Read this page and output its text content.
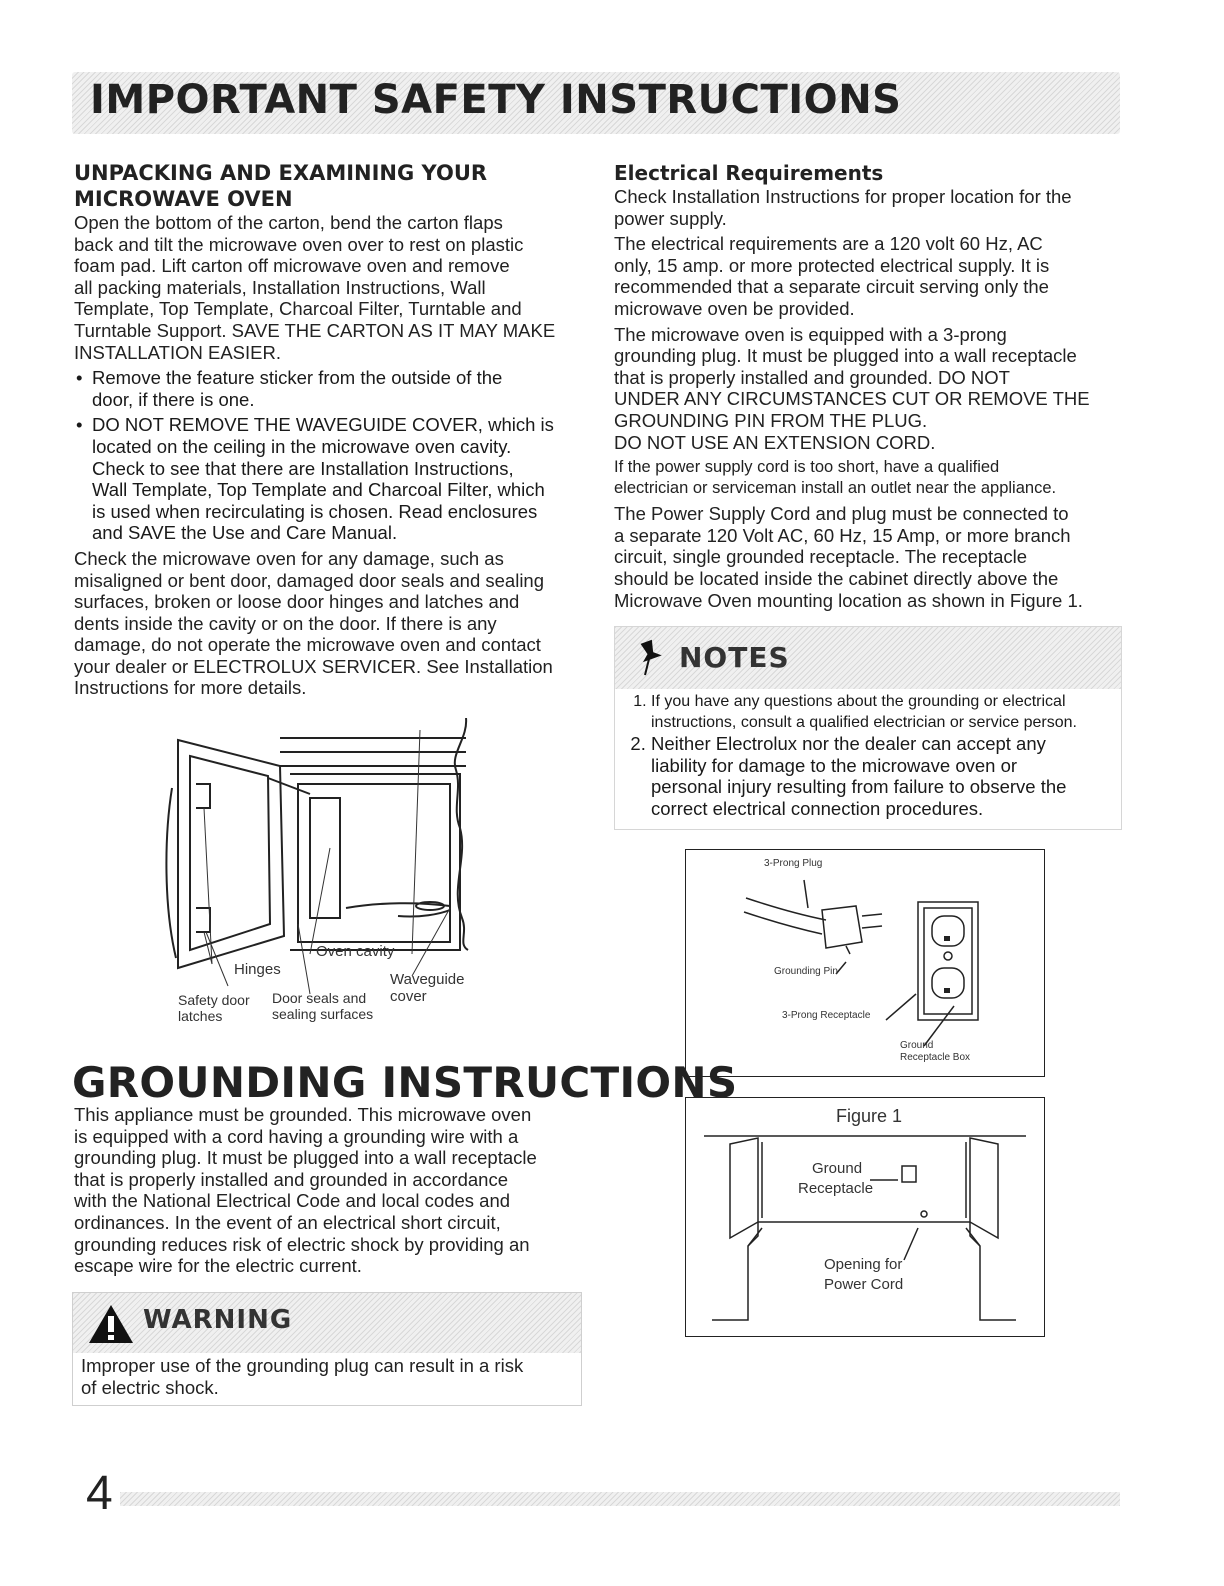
IMPORTANT SAFETY INSTRUCTIONS
UNPACKING AND EXAMINING YOUR
MICROWAVE OVEN

Open the bottom of the carton, bend the carton flaps
back and tilt the microwave oven over to rest on plastic
foam pad. Lift carton off microwave oven and remove
all packing materials, Installation Instructions, Wall
Template, Top Template, Charcoal Filter, Turntable and
Turntable Support. SAVE THE CARTON AS IT MAY MAKE
INSTALLATION EASIER.

• Remove the feature sticker from the outside of the
door, if there is one.
• DO NOT REMOVE THE WAVEGUIDE COVER, which is
located on the ceiling in the microwave oven cavity.
Check to see that there are Installation Instructions,
Wall Template, Top Template and Charcoal Filter, which
is used when recirculating is chosen. Read enclosures
and SAVE the Use and Care Manual.

Check the microwave oven for any damage, such as
misaligned or bent door, damaged door seals and sealing
surfaces, broken or loose door hinges and latches and
dents inside the cavity or on the door. If there is any
damage, do not operate the microwave oven and contact
your dealer or ELECTROLUX SERVICER. See Installation
Instructions for more details.

Oven cavity
Hinges
Waveguide
cover
Safety door
latches
Door seals and
sealing surfaces
GROUNDING INSTRUCTIONS

This appliance must be grounded. This microwave oven
is equipped with a cord having a grounding wire with a
grounding plug. It must be plugged into a wall receptacle
that is properly installed and grounded in accordance
with the National Electrical Code and local codes and
ordinances. In the event of an electrical short circuit,
grounding reduces risk of electric shock by providing an
escape wire for the electric current.

WARNING

Improper use of the grounding plug can result in a risk
of electric shock.

Electrical Requirements

Check Installation Instructions for proper location for the
power supply.

The electrical requirements are a 120 volt 60 Hz, AC
only, 15 amp. or more protected electrical supply. It is
recommended that a separate circuit serving only the
microwave oven be provided.

The microwave oven is equipped with a 3-prong
grounding plug. It must be plugged into a wall receptacle
that is properly installed and grounded. DO NOT
UNDER ANY CIRCUMSTANCES CUT OR REMOVE THE
GROUNDING PIN FROM THE PLUG.
DO NOT USE AN EXTENSION CORD.

If the power supply cord is too short, have a qualified
electrician or serviceman install an outlet near the appliance.

The Power Supply Cord and plug must be connected to
a separate 120 Volt AC, 60 Hz, 15 Amp, or more branch
circuit, single grounded receptacle. The receptacle
should be located inside the cabinet directly above the
Microwave Oven mounting location as shown in Figure 1.

NOTES
1. If you have any questions about the grounding or electrical
instructions, consult a qualified electrician or service person.
2. Neither Electrolux nor the dealer can accept any
liability for damage to the microwave oven or
personal injury resulting from failure to observe the
correct electrical connection procedures.
3-Prong Plug
Grounding Pin
3-Prong Receptacle
Ground
Receptacle Box
Figure 1
Ground
Receptacle
Opening for
Power Cord
4
